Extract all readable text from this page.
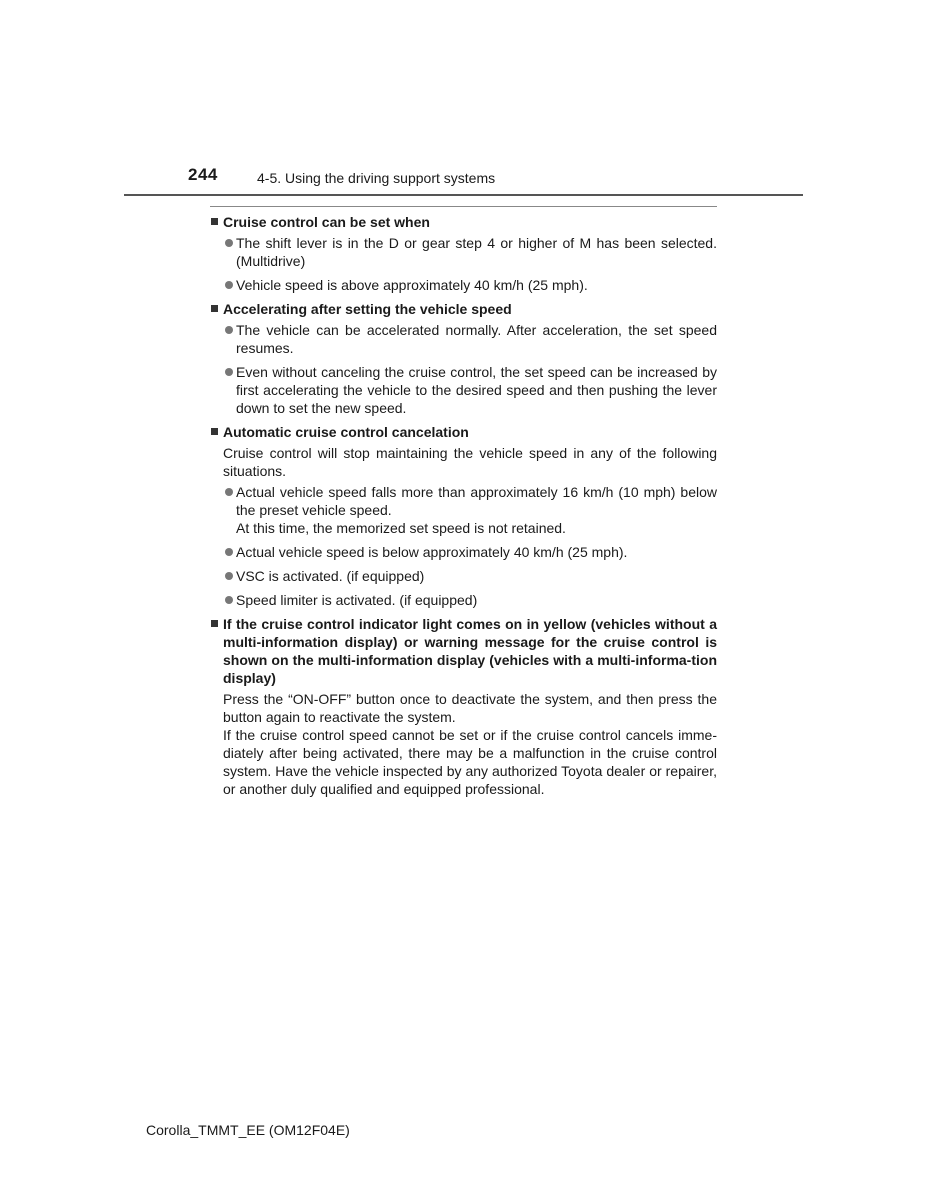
244	4-5. Using the driving support systems
Cruise control can be set when
The shift lever is in the D or gear step 4 or higher of M has been selected. (Multidrive)
Vehicle speed is above approximately 40 km/h (25 mph).
Accelerating after setting the vehicle speed
The vehicle can be accelerated normally. After acceleration, the set speed resumes.
Even without canceling the cruise control, the set speed can be increased by first accelerating the vehicle to the desired speed and then pushing the lever down to set the new speed.
Automatic cruise control cancelation
Cruise control will stop maintaining the vehicle speed in any of the following situations.
Actual vehicle speed falls more than approximately 16 km/h (10 mph) below the preset vehicle speed.
At this time, the memorized set speed is not retained.
Actual vehicle speed is below approximately 40 km/h (25 mph).
VSC is activated. (if equipped)
Speed limiter is activated. (if equipped)
If the cruise control indicator light comes on in yellow (vehicles without a multi-information display) or warning message for the cruise control is shown on the multi-information display (vehicles with a multi-informa-tion display)
Press the “ON-OFF” button once to deactivate the system, and then press the button again to reactivate the system.
If the cruise control speed cannot be set or if the cruise control cancels imme-diately after being activated, there may be a malfunction in the cruise control system. Have the vehicle inspected by any authorized Toyota dealer or repairer, or another duly qualified and equipped professional.
Corolla_TMMT_EE (OM12F04E)
